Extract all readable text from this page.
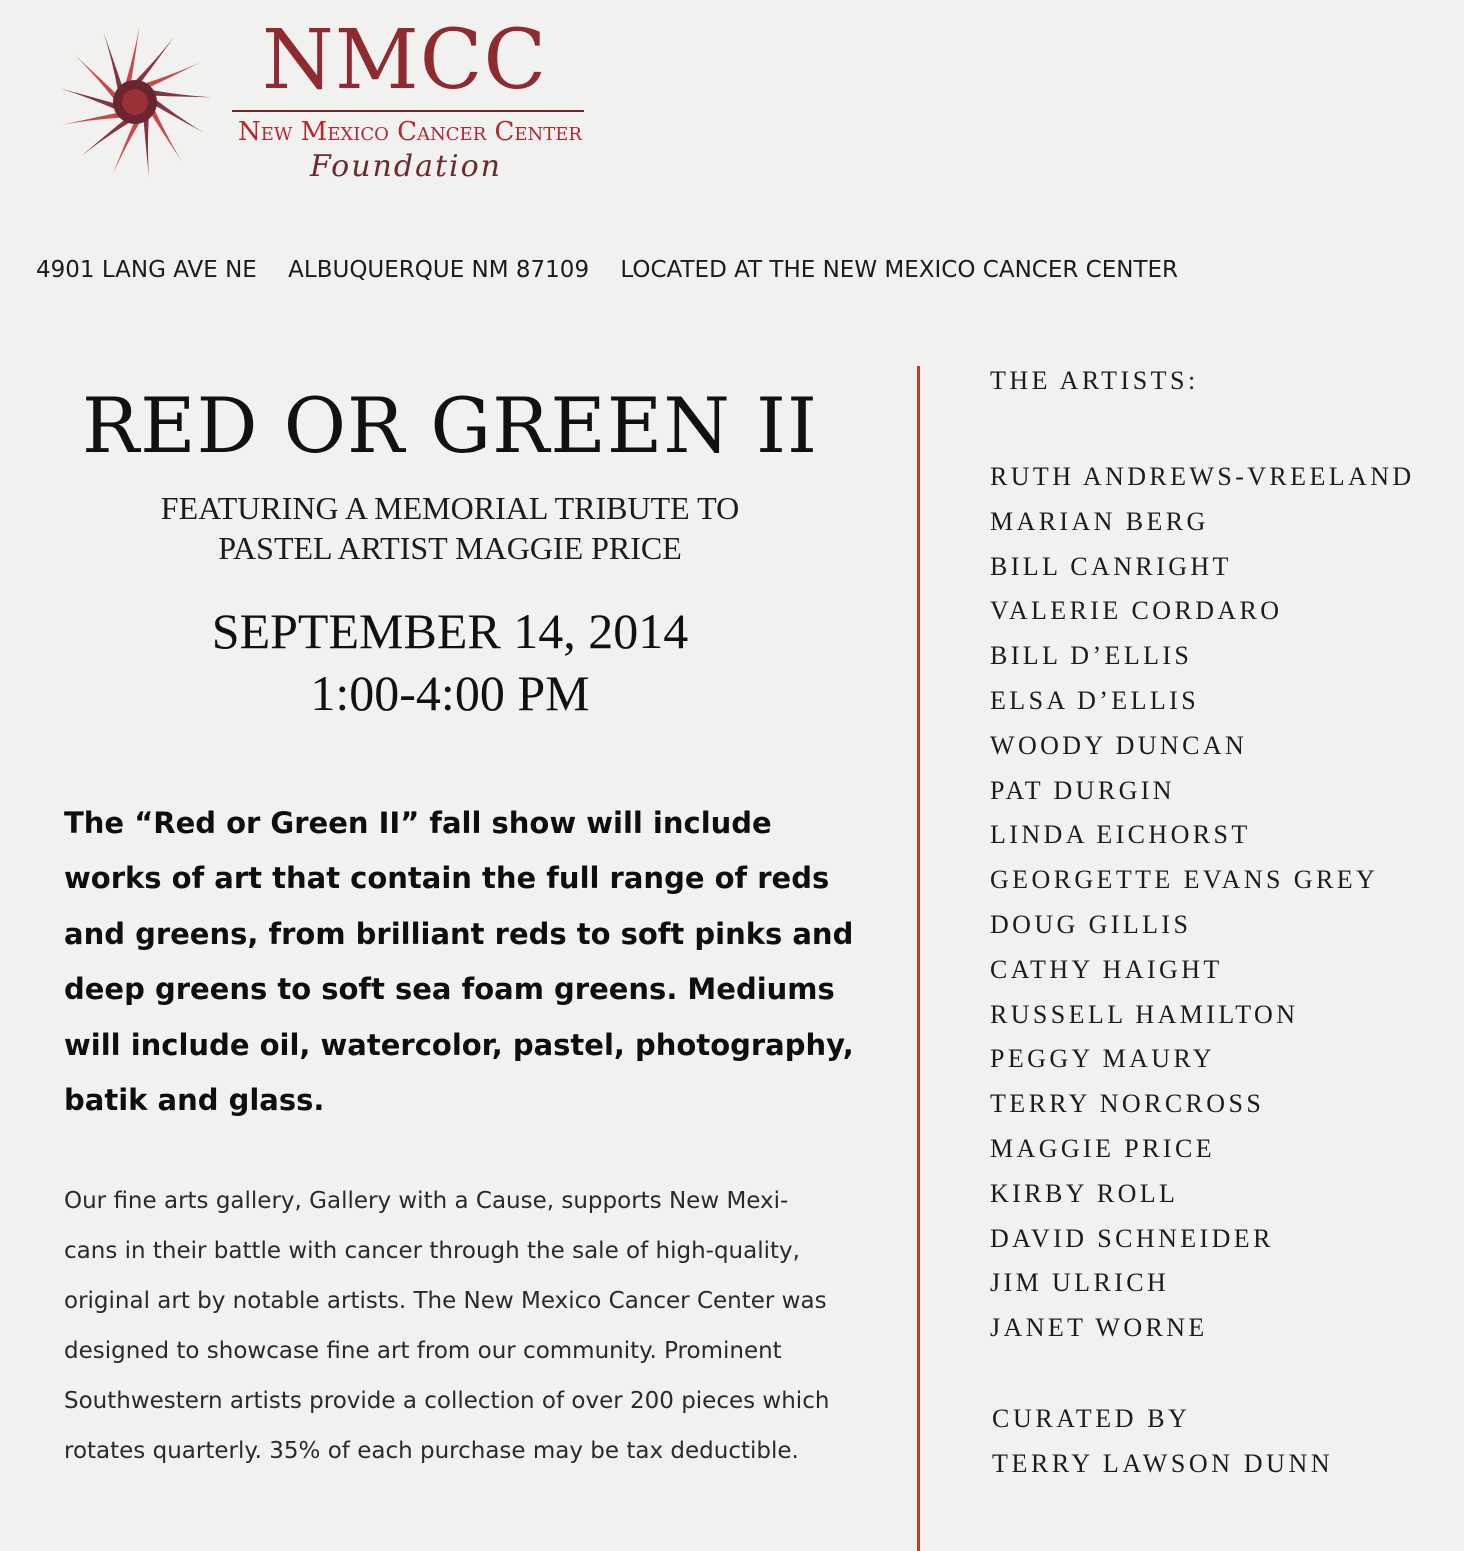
NMCC
New Mexico Cancer Center
Foundation
4901 LANG AVE NE ALBUQUERQUE NM 87109 LOCATED AT THE NEW MEXICO CANCER CENTER
RED OR GREEN II
FEATURING A MEMORIAL TRIBUTE TO
PASTEL ARTIST MAGGIE PRICE
SEPTEMBER 14, 2014
1:00-4:00 PM
The “Red or Green II” fall show will include
works of art that contain the full range of reds
and greens, from brilliant reds to soft pinks and
deep greens to soft sea foam greens. Mediums
will include oil, watercolor, pastel, photography,
batik and glass.
Our fine arts gallery, Gallery with a Cause, supports New Mexi-
cans in their battle with cancer through the sale of high-quality,
original art by notable artists. The New Mexico Cancer Center was
designed to showcase fine art from our community. Prominent
Southwestern artists provide a collection of over 200 pieces which
rotates quarterly. 35% of each purchase may be tax deductible.
THE ARTISTS:
RUTH ANDREWS-VREELAND
MARIAN BERG
BILL CANRIGHT
VALERIE CORDARO
BILL D’ELLIS
ELSA D’ELLIS
WOODY DUNCAN
PAT DURGIN
LINDA EICHORST
GEORGETTE EVANS GREY
DOUG GILLIS
CATHY HAIGHT
RUSSELL HAMILTON
PEGGY MAURY
TERRY NORCROSS
MAGGIE PRICE
KIRBY ROLL
DAVID SCHNEIDER
JIM ULRICH
JANET WORNE
CURATED BY
TERRY LAWSON DUNN
